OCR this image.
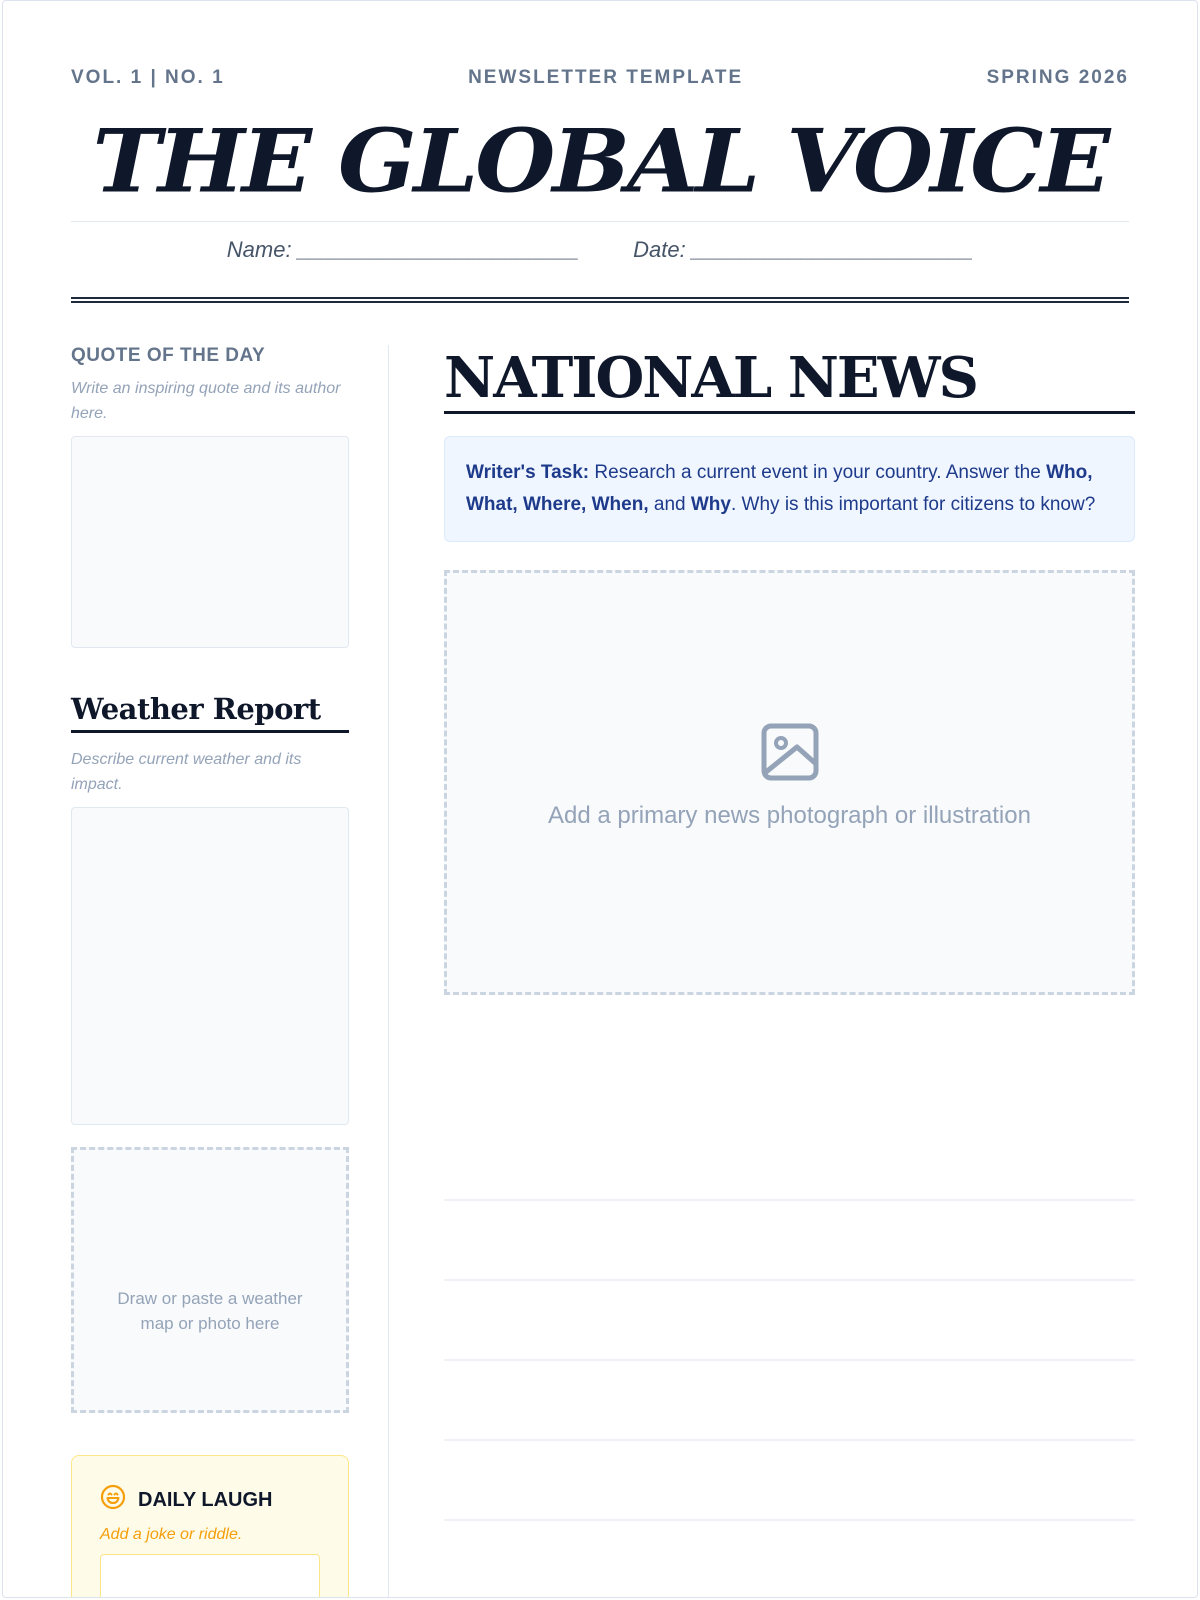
VOL. 1 | NO. 1	NEWSLETTER TEMPLATE	SPRING 2026
THE GLOBAL VOICE
Name: _______________________ Date: _______________________
QUOTE OF THE DAY
Write an inspiring quote and its author here.
Weather Report
Describe current weather and its impact.
Draw or paste a weather map or photo here
DAILY LAUGH
Add a joke or riddle.
NATIONAL NEWS
Writer's Task: Research a current event in your country. Answer the Who, What, Where, When, and Why. Why is this important for citizens to know?
Add a primary news photograph or illustration
